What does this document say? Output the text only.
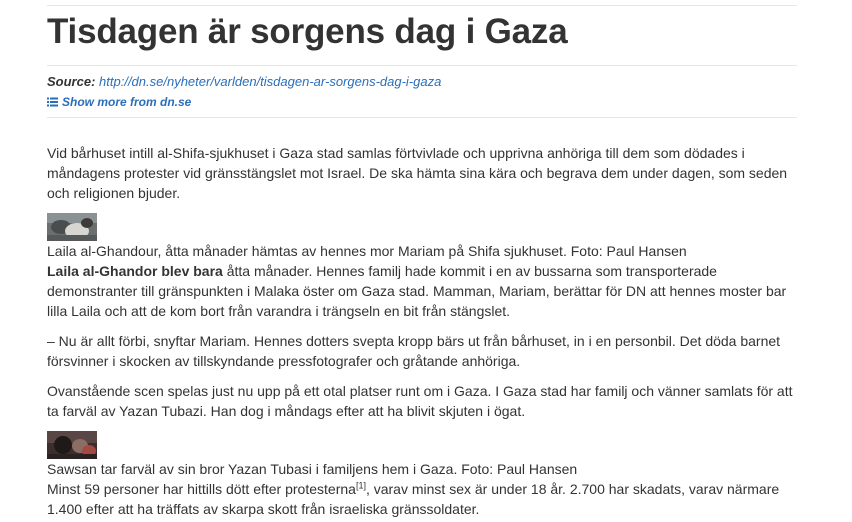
Tisdagen är sorgens dag i Gaza
Source: http://dn.se/nyheter/varlden/tisdagen-ar-sorgens-dag-i-gaza
Show more from dn.se

Vid bårhuset intill al-Shifa-sjukhuset i Gaza stad samlas förtvivlade och upprivna anhöriga till dem som dödades i måndagens protester vid gränsstängslet mot Israel. De ska hämta sina kära och begrava dem under dagen, som seden och religionen bjuder.

Laila al-Ghandour, åtta månader hämtas av hennes mor Mariam på Shifa sjukhuset. Foto: Paul Hansen

Laila al-Ghandor blev bara åtta månader. Hennes familj hade kommit i en av bussarna som transporterade demonstranter till gränspunkten i Malaka öster om Gaza stad. Mamman, Mariam, berättar för DN att hennes moster bar lilla Laila och att de kom bort från varandra i trängseln en bit från stängslet.

– Nu är allt förbi, snyftar Mariam. Hennes dotters svepta kropp bärs ut från bårhuset, in i en personbil. Det döda barnet försvinner i skocken av tillskyndande pressfotografer och gråtande anhöriga.

Ovanstående scen spelas just nu upp på ett otal platser runt om i Gaza. I Gaza stad har familj och vänner samlats för att ta farväl av Yazan Tubazi. Han dog i måndags efter att ha blivit skjuten i ögat.

Sawsan tar farväl av sin bror Yazan Tubasi i familjens hem i Gaza. Foto: Paul Hansen

Minst 59 personer har hittills dött efter protesterna[1], varav minst sex är under 18 år. 2.700 har skadats, varav närmare 1.400 efter att ha träffats av skarpa skott från israeliska gränssoldater.
